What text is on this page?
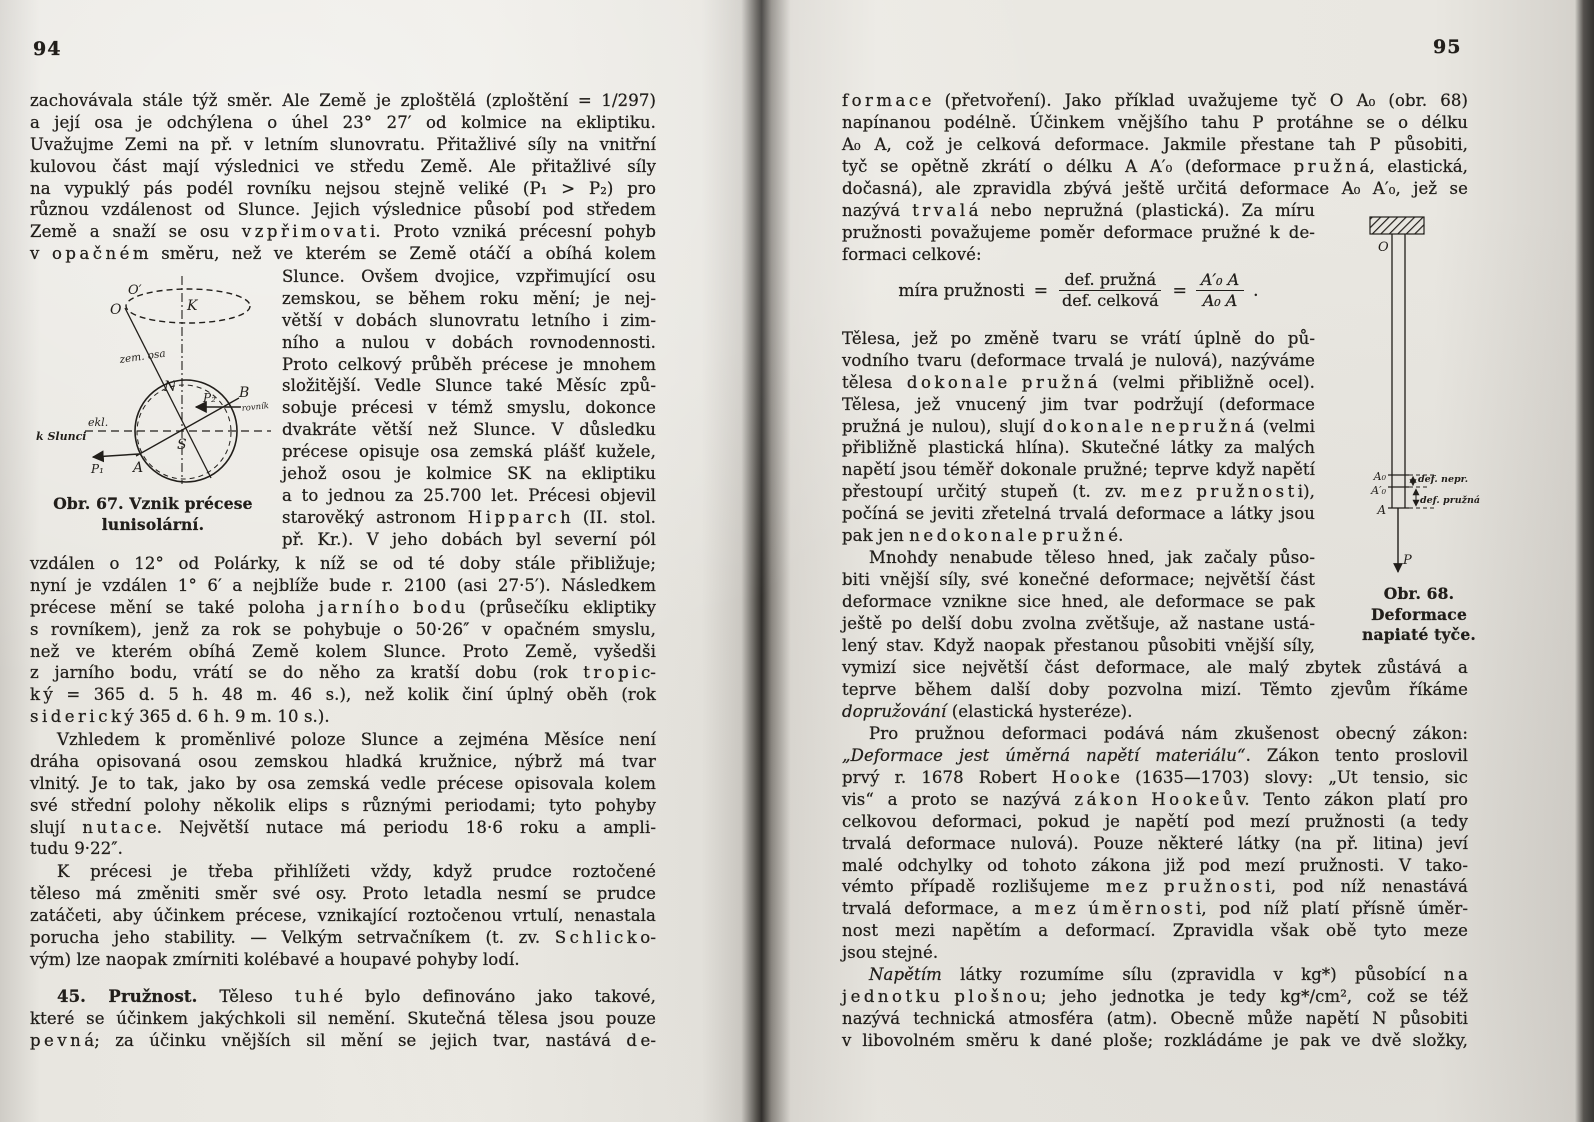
94
zachovávala stále týž směr. Ale Země je zploštělá (zploštění = 1/297)
a její osa je odchýlena o úhel 23° 27′ od kolmice na ekliptiku.
Uvažujme Zemi na př. v letním slunovratu. Přitažlivé síly na vnitřní
kulovou část mají výslednici ve středu Země. Ale přitažlivé síly
na vypuklý pás podél rovníku nejsou stejně veliké (P₁ > P₂) pro
různou vzdálenost od Slunce. Jejich výslednice působí pod středem
Země a snaží se osu v z p ř i m o v a t i. Proto vzniká précesní pohyb
v o p a č n é m směru, než ve kterém se Země otáčí a obíhá kolem
O′
O	K
zem. osa
N	B
rovník
P₂
ekl.
k Slunci
S
A
P₁
Obr. 67. Vznik précese
lunisolární.
Slunce. Ovšem dvojice, vzpřimující osu
zemskou, se během roku mění; je nej-
větší v dobách slunovratu letního i zim-
ního a nulou v dobách rovnodennosti.
Proto celkový průběh précese je mnohem
složitější. Vedle Slunce také Měsíc způ-
sobuje précesi v témž smyslu, dokonce
dvakráte větší než Slunce. V důsledku
précese opisuje osa zemská plášť kužele,
jehož osou je kolmice SK na ekliptiku
a to jednou za 25.700 let. Précesi objevil
starověký astronom H i p p a r c h (II. stol.
př. Kr.). V jeho dobách byl severní pól
vzdálen o 12° od Polárky, k níž se od té doby stále přibližuje;
nyní je vzdálen 1° 6′ a nejblíže bude r. 2100 (asi 27·5′). Následkem
précese mění se také poloha j a r n í h o b o d u (průsečíku ekliptiky
s rovníkem), jenž za rok se pohybuje o 50·26″ v opačném smyslu,
než ve kterém obíhá Země kolem Slunce. Proto Země, vyšedši
z jarního bodu, vrátí se do něho za kratší dobu (rok t r o p i c-
k ý = 365 d. 5 h. 48 m. 46 s.), než kolik činí úplný oběh (rok
s i d e r i c k ý 365 d. 6 h. 9 m. 10 s.).
Vzhledem k proměnlivé poloze Slunce a zejména Měsíce není
dráha opisovaná osou zemskou hladká kružnice, nýbrž má tvar
vlnitý. Je to tak, jako by osa zemská vedle précese opisovala kolem
své střední polohy několik elips s různými periodami; tyto pohyby
slují n u t a c e. Největší nutace má periodu 18·6 roku a ampli-
tudu 9·22″.
K précesi je třeba přihlížeti vždy, když prudce roztočené
těleso má změniti směr své osy. Proto letadla nesmí se prudce
zatáčeti, aby účinkem précese, vznikající roztočenou vrtulí, nenastala
porucha jeho stability. — Velkým setrvačníkem (t. zv. S c h l i c k o-
vým) lze naopak zmírniti kolébavé a houpavé pohyby lodí.
45. Pružnost. Těleso t u h é bylo definováno jako takové,
které se účinkem jakýchkoli sil nemění. Skutečná tělesa jsou pouze
p e v n á; za účinku vnějších sil mění se jejich tvar, nastává d e-
95
f o r m a c e (přetvoření). Jako příklad uvažujeme tyč O A₀ (obr. 68)
napínanou podélně. Účinkem vnějšího tahu P protáhne se o délku
A₀ A, což je celková deformace. Jakmile přestane tah P působiti,
tyč se opětně zkrátí o délku A A′₀ (deformace p r u ž n á, elastická,
dočasná), ale zpravidla zbývá ještě určitá deformace A₀ A′₀, jež se
nazývá t r v a l á nebo nepružná (plastická). Za míru
pružnosti považujeme poměr deformace pružné k de-
formaci celkové:
míra pružnosti = $\frac{\text{def. pružná}}{\text{def. celková}} = \frac{\text{A′₀ A}}{\text{A₀ A}}$ .
Tělesa, jež po změně tvaru se vrátí úplně do pů-
vodního tvaru (deformace trvalá je nulová), nazýváme
tělesa d o k o n a l e p r u ž n á (velmi přibližně ocel).
Tělesa, jež vnucený jim tvar podržují (deformace
pružná je nulou), slují d o k o n a l e n e p r u ž n á (velmi
přibližně plastická hlína). Skutečné látky za malých
napětí jsou téměř dokonale pružné; teprve když napětí
přestoupí určitý stupeň (t. zv. m e z p r u ž n o s t i),
počíná se jeviti zřetelná trvalá deformace a látky jsou
pak jen n e d o k o n a l e p r u ž n é.
Mnohdy nenabude těleso hned, jak začaly půso-
biti vnější síly, své konečné deformace; největší část
deformace vznikne sice hned, ale deformace se pak
ještě po delší dobu zvolna zvětšuje, až nastane ustá-
lený stav. Když naopak přestanou působiti vnější síly,
vymizí sice největší část deformace, ale malý zbytek zůstává a
teprve během další doby pozvolna mizí. Těmto zjevům říkáme
dopružování (elastická hysteréze).
Pro pružnou deformaci podává nám zkušenost obecný zákon:
„Deformace jest úměrná napětí materiálu“. Zákon tento proslovil
prvý r. 1678 Robert H o o k e (1635—1703) slovy: „Ut tensio, sic
vis“ a proto se nazývá z á k o n H o o k e ů v. Tento zákon platí pro
celkovou deformaci, pokud je napětí pod mezí pružnosti (a tedy
trvalá deformace nulová). Pouze některé látky (na př. litina) jeví
malé odchylky od tohoto zákona již pod mezí pružnosti. V tako-
vémto případě rozlišujeme m e z p r u ž n o s t i, pod níž nenastává
trvalá deformace, a m e z ú m ě r n o s t i, pod níž platí přísně úměr-
nost mezi napětím a deformací. Zpravidla však obě tyto meze
jsou stejné.
Napětím látky rozumíme sílu (zpravidla v kg*) působící n a
j e d n o t k u p l o š n o u; jeho jednotka je tedy kg*/cm², což se též
nazývá technická atmosféra (atm). Obecně může napětí N působiti
v libovolném směru k dané ploše; rozkládáme je pak ve dvě složky,
O
A₀
A′₀
A
def. nepr.
def. pružná
P
Obr. 68.
Deformace
napiaté tyče.
